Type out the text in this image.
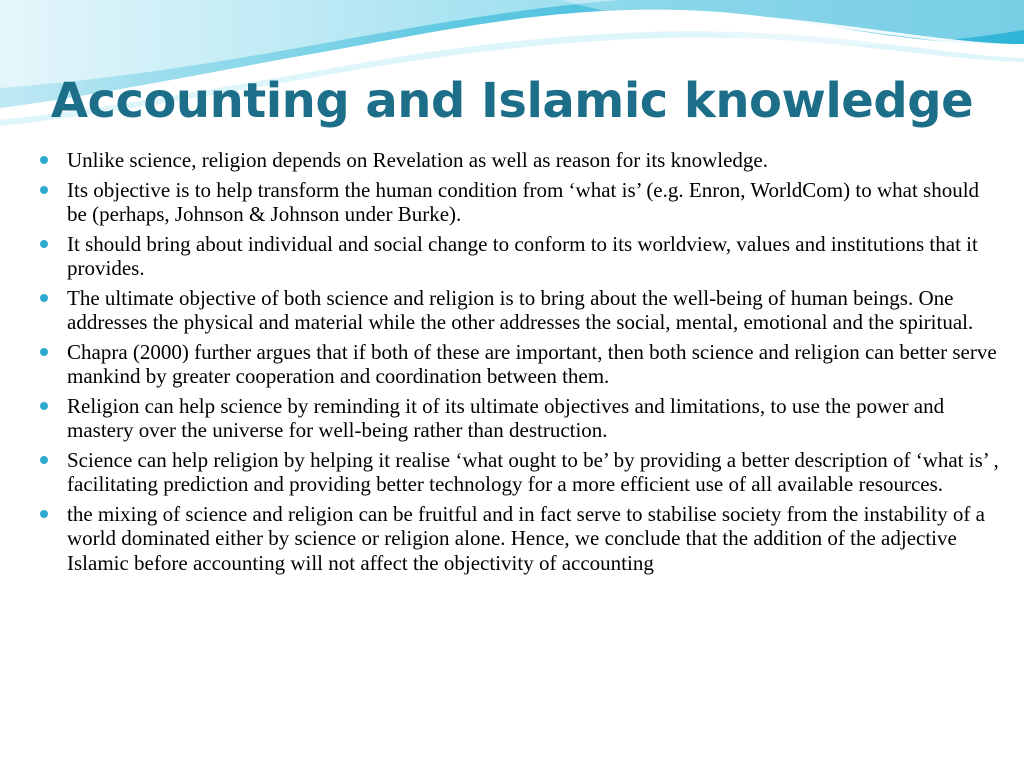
Accounting and Islamic knowledge
Unlike science, religion depends on Revelation as well as reason for its knowledge.
Its objective is to help transform the human condition from ‘what is’ (e.g. Enron, WorldCom) to what should be (perhaps, Johnson & Johnson under Burke).
It should bring about individual and social change to conform to its worldview, values and institutions that it provides.
The ultimate objective of both science and religion is to bring about the well-being of human beings. One addresses the physical and material while the other addresses the social, mental, emotional and the spiritual.
Chapra (2000) further argues that if both of these are important, then both science and religion can better serve mankind by greater cooperation and coordination between them.
Religion can help science by reminding it of its ultimate objectives and limitations, to use the power and mastery over the universe for well-being rather than destruction.
Science can help religion by helping it realise ‘what ought to be’ by providing a better description of ‘what is’ , facilitating prediction and providing better technology for a more efficient use of all available resources.
the mixing of science and religion can be fruitful and in fact serve to stabilise society from the instability of a world dominated either by science or religion alone. Hence, we conclude that the addition of the adjective Islamic before accounting will not affect the objectivity of accounting
